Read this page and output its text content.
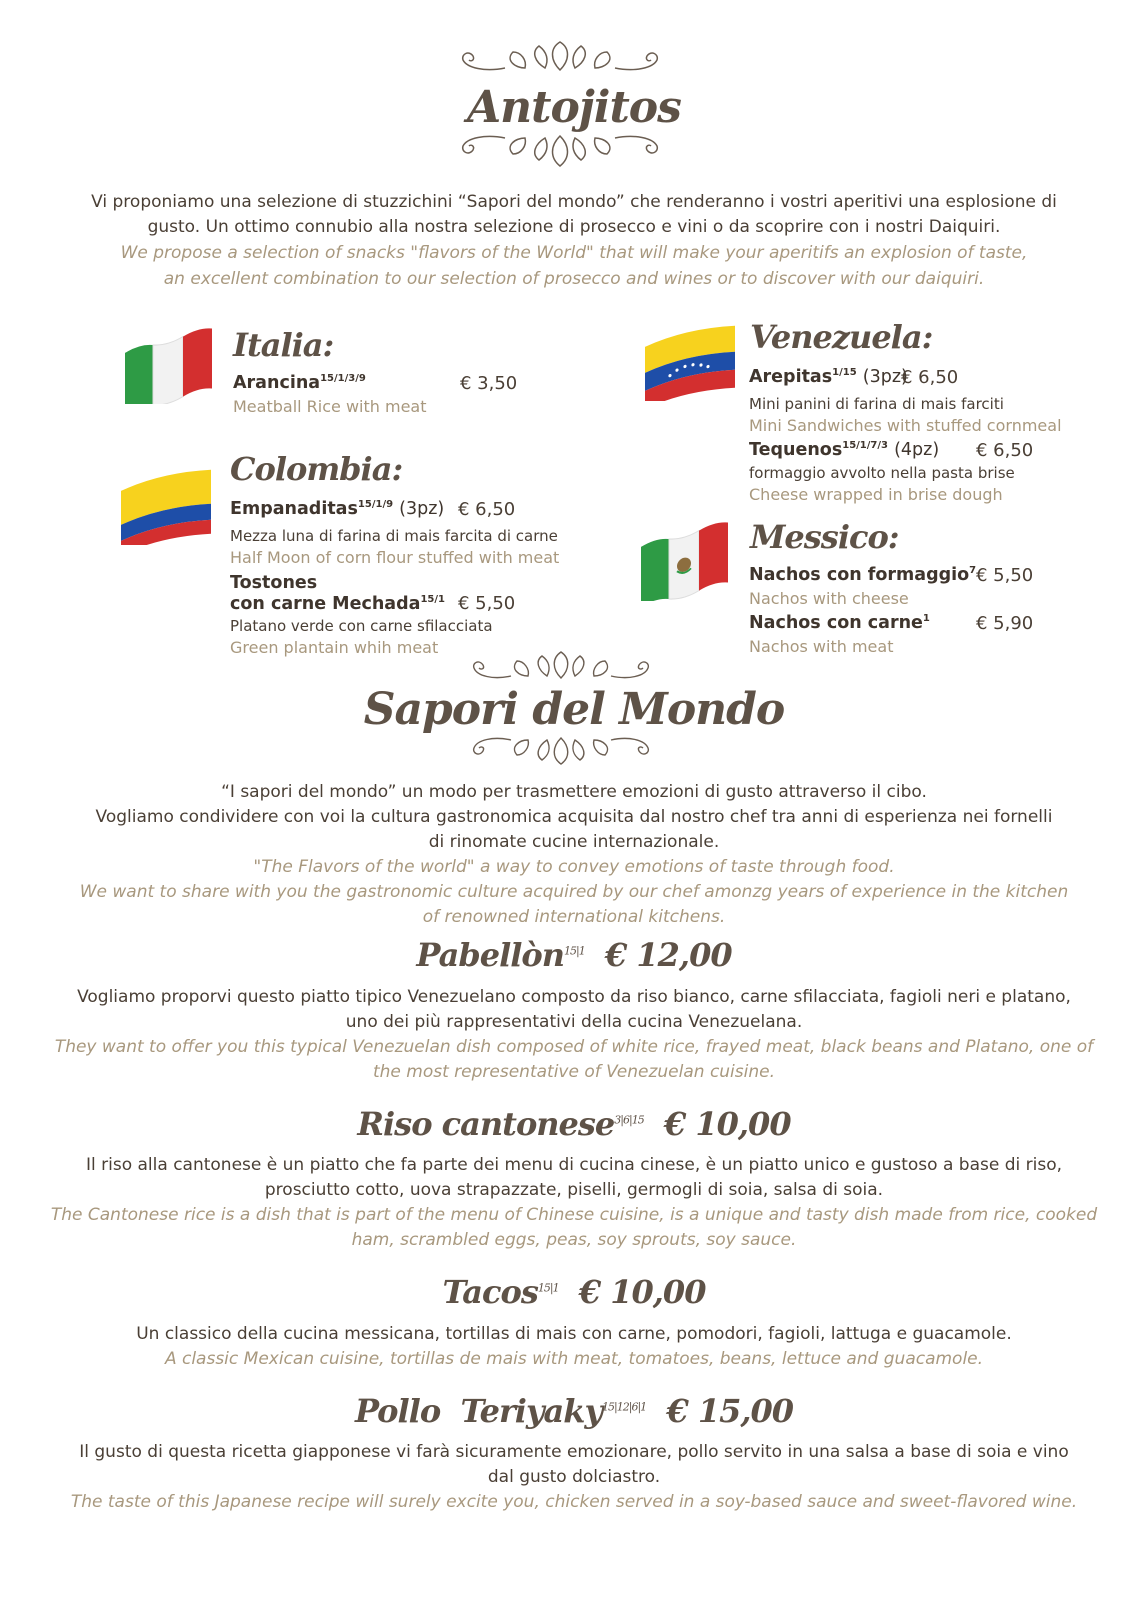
Antojitos
Vi proponiamo una selezione di stuzzichini “Sapori del mondo” che renderanno i vostri aperitivi una esplosione di
gusto. Un ottimo connubio alla nostra selezione di prosecco e vini o da scoprire con i nostri Daiquiri.
We propose a selection of snacks "flavors of the World" that will make your aperitifs an explosion of taste,
an excellent combination to our selection of prosecco and wines or to discover with our daiquiri.
Italia:
Arancina$^{15/1/3/9}$	€ 3,50
Meatball Rice with meat
Colombia:
Empanaditas$^{15/1/9}$ (3pz) € 6,50
Mezza luna di farina di mais farcita di carne
Half Moon of corn flour stuffed with meat
Tostones
con carne Mechada$^{15/1}$ € 5,50
Platano verde con carne sfilacciata
Green plantain whih meat
Venezuela:
Arepitas$^{1/15}$ (3pz)
€ 6,50
Mini panini di farina di mais farciti
Mini Sandwiches with stuffed cornmeal
Tequenos$^{15/1/7/3}$ (4pz) € 6,50
formaggio avvolto nella pasta brise
Cheese wrapped in brise dough
Messico:
Nachos con formaggio$^7$ € 5,50
Nachos with cheese
Nachos con carne$^1$	€ 5,90
Nachos with meat
Sapori del Mondo
“I sapori del mondo” un modo per trasmettere emozioni di gusto attraverso il cibo.
Vogliamo condividere con voi la cultura gastronomica acquisita dal nostro chef tra anni di esperienza nei fornelli
di rinomate cucine internazionale.
"The Flavors of the world" a way to convey emotions of taste through food.
We want to share with you the gastronomic culture acquired by our chef amonzg years of experience in the kitchen
of renowned international kitchens.
Pabellòn$^{15|1}$ € 12,00
Vogliamo proporvi questo piatto tipico Venezuelano composto da riso bianco, carne sfilacciata, fagioli neri e platano,
uno dei più rappresentativi della cucina Venezuelana.
They want to offer you this typical Venezuelan dish composed of white rice, frayed meat, black beans and Platano, one of
the most representative of Venezuelan cuisine.
Riso cantonese$^{3|6|15}$ € 10,00
Il riso alla cantonese è un piatto che fa parte dei menu di cucina cinese, è un piatto unico e gustoso a base di riso,
prosciutto cotto, uova strapazzate, piselli, germogli di soia, salsa di soia.
The Cantonese rice is a dish that is part of the menu of Chinese cuisine, is a unique and tasty dish made from rice, cooked
ham, scrambled eggs, peas, soy sprouts, soy sauce.
Tacos$^{15|1}$ € 10,00
Un classico della cucina messicana, tortillas di mais con carne, pomodori, fagioli, lattuga e guacamole.
A classic Mexican cuisine, tortillas de mais with meat, tomatoes, beans, lettuce and guacamole.
Pollo  Teriyaky$^{15|12|6|1}$ € 15,00
Il gusto di questa ricetta giapponese vi farà sicuramente emozionare, pollo servito in una salsa a base di soia e vino
dal gusto dolciastro.
The taste of this Japanese recipe will surely excite you, chicken served in a soy-based sauce and sweet-flavored wine.
